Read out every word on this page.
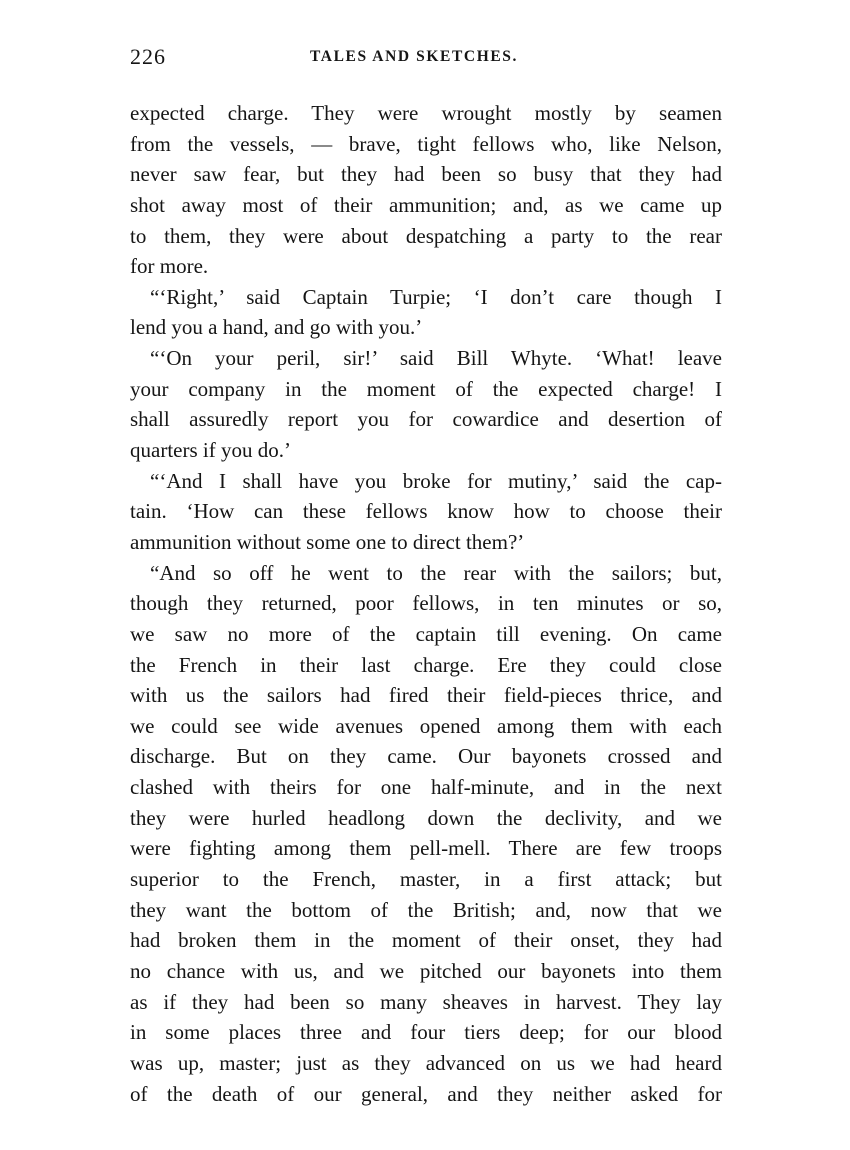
226	TALES AND SKETCHES.
expected charge. They were wrought mostly by seamen
from the vessels, — brave, tight fellows who, like Nelson,
never saw fear, but they had been so busy that they had
shot away most of their ammunition; and, as we came up
to them, they were about despatching a party to the rear
for more.
“‘Right,’ said Captain Turpie; ‘I don’t care though I
lend you a hand, and go with you.’
“‘On your peril, sir!’ said Bill Whyte. ‘What! leave
your company in the moment of the expected charge! I
shall assuredly report you for cowardice and desertion of
quarters if you do.’
“‘And I shall have you broke for mutiny,’ said the cap-
tain. ‘How can these fellows know how to choose their
ammunition without some one to direct them?’
“And so off he went to the rear with the sailors; but,
though they returned, poor fellows, in ten minutes or so,
we saw no more of the captain till evening. On came
the French in their last charge. Ere they could close
with us the sailors had fired their field-pieces thrice, and
we could see wide avenues opened among them with each
discharge. But on they came. Our bayonets crossed and
clashed with theirs for one half-minute, and in the next
they were hurled headlong down the declivity, and we
were fighting among them pell-mell. There are few troops
superior to the French, master, in a first attack; but
they want the bottom of the British; and, now that we
had broken them in the moment of their onset, they had
no chance with us, and we pitched our bayonets into them
as if they had been so many sheaves in harvest. They lay
in some places three and four tiers deep; for our blood
was up, master; just as they advanced on us we had heard
of the death of our general, and they neither asked for
